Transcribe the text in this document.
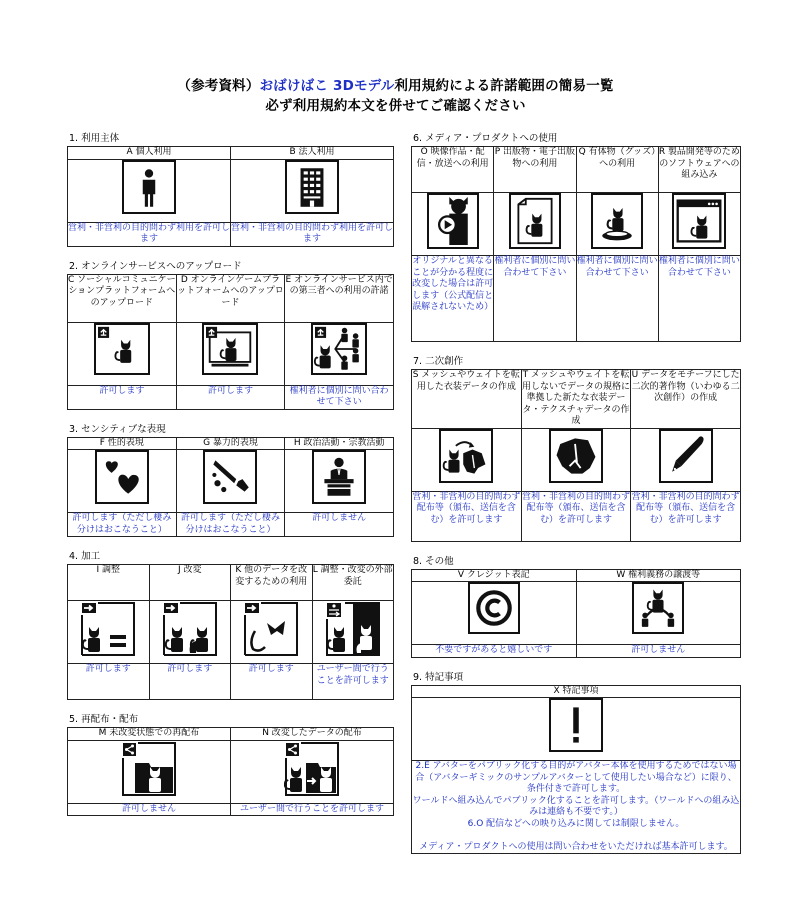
（参考資料）おばけばこ 3Dモデル利用規約による許諾範囲の簡易一覧
必ず利用規約本文を併せてご確認ください
1. 利用主体
A 個人利用	B 法人利用

営利・非営利の目的問わず利用を許可します	営利・非営利の目的問わず利用を許可します
2. オンラインサービスへのアップロード
C ソーシャルコミュニケーションプラットフォームへのアップロード	D オンラインゲームプラットフォームへのアップロード	E オンラインサービス内での第三者への利用の許諾

許可します	許可します	権利者に個別に問い合わせて下さい
3. センシティブな表現
F 性的表現	G 暴力的表現	H 政治活動・宗教活動

許可します（ただし棲み分けはおこなうこと）	許可します（ただし棲み分けはおこなうこと）	許可しません
4. 加工
I 調整	J 改変	K 他のデータを改変するための利用	L 調整・改変の外部委託

許可します	許可します	許可します	ユーザー間で行うことを許可します
5. 再配布・配布
M 未改変状態での再配布	N 改変したデータの配布

許可しません	ユーザー間で行うことを許可します
6. メディア・プロダクトへの使用
O 映像作品・配信・放送への利用	P 出版物・電子出版物への利用	Q 有体物（グッズ）への利用	R 製品開発等のためのソフトウェアへの組み込み

オリジナルと異なることが分かる程度に改変した場合は許可します（公式配信と誤解されないため）	権利者に個別に問い合わせて下さい	権利者に個別に問い合わせて下さい	権利者に個別に問い合わせて下さい
7. 二次創作
S メッシュやウェイトを転用した衣装データの作成	T メッシュやウェイトを転用しないでデータの規格に準拠した新たな衣装データ・テクスチャデータの作成	U データをモチーフにした二次的著作物（いわゆる二次創作）の作成

営利・非営利の目的問わず配布等（頒布、送信を含む）を許可します	営利・非営利の目的問わず配布等（頒布、送信を含む）を許可します	営利・非営利の目的問わず配布等（頒布、送信を含む）を許可します
8. その他
V クレジット表記	W 権利義務の譲渡等

不要ですがあると嬉しいです	許可しません
9. 特記事項
X 特記事項

2.E アバターをパブリック化する目的がアバター本体を使用するためではない場合（アバターギミックのサンプルアバターとして使用したい場合など）に限り、条件付きで許可します。
ワールドへ組み込んでパブリック化することを許可します。（ワールドへの組み込みは連絡も不要です。）
6.O 配信などへの映り込みに関しては制限しません。
メディア・プロダクトへの使用は問い合わせをいただければ基本許可します。
